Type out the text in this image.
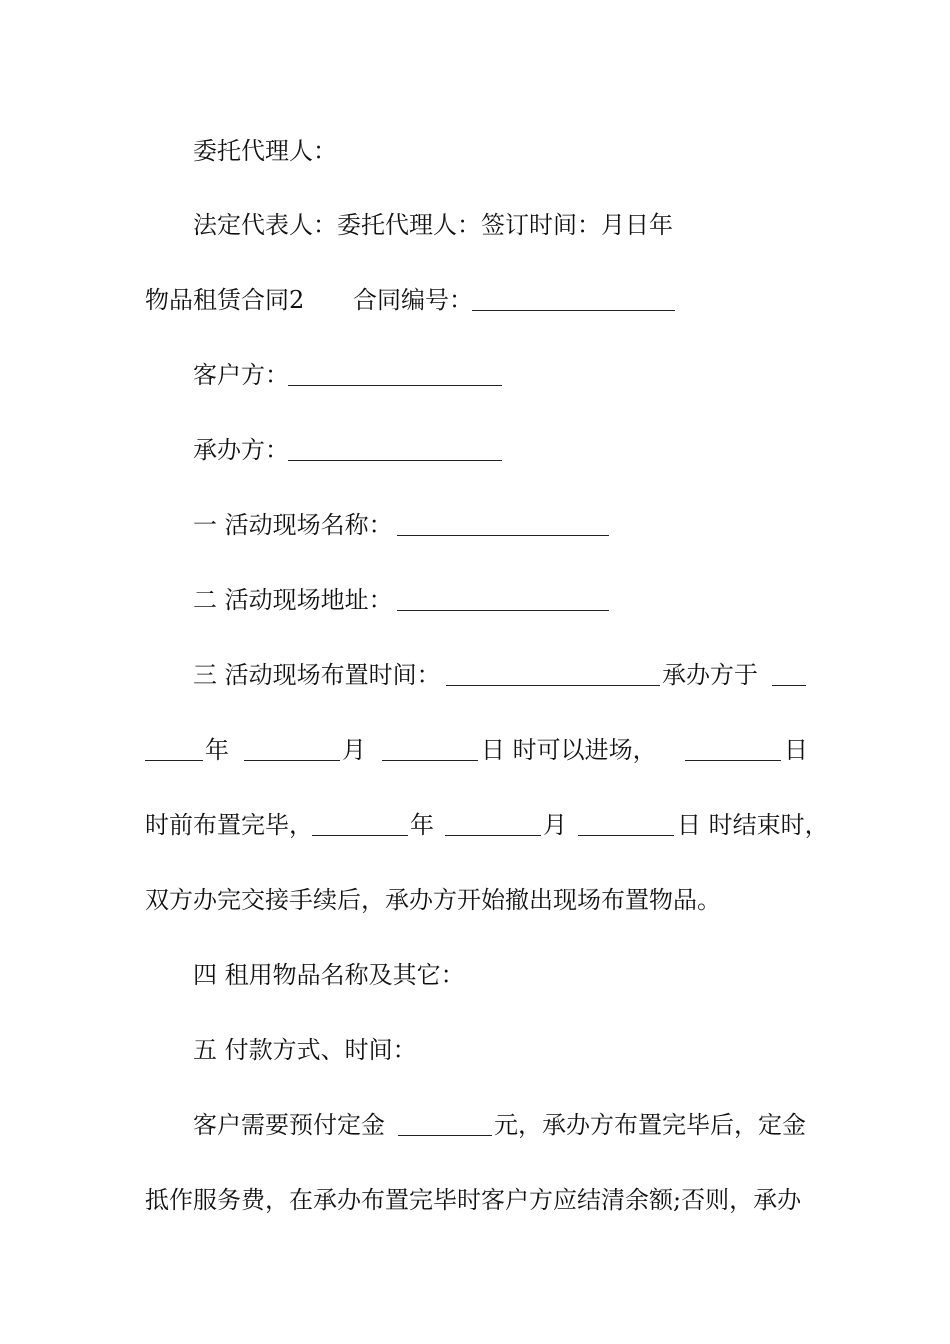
委托代理人：
法定代表人：委托代理人：签订时间：月日年
物品租赁合同2 合同编号：
客户方：
承办方：
一 活动现场名称：
二 活动现场地址：
三 活动现场布置时间：	承办方于
年	月	日 时可以进场，	日
时前布置完毕，	年	月	日 时结束时，
双方办完交接手续后，承办方开始撤出现场布置物品。
四 租用物品名称及其它：
五 付款方式、时间：
客户需要预付定金	元，承办方布置完毕后，定金
抵作服务费，在承办布置完毕时客户方应结清余额;否则，承办
